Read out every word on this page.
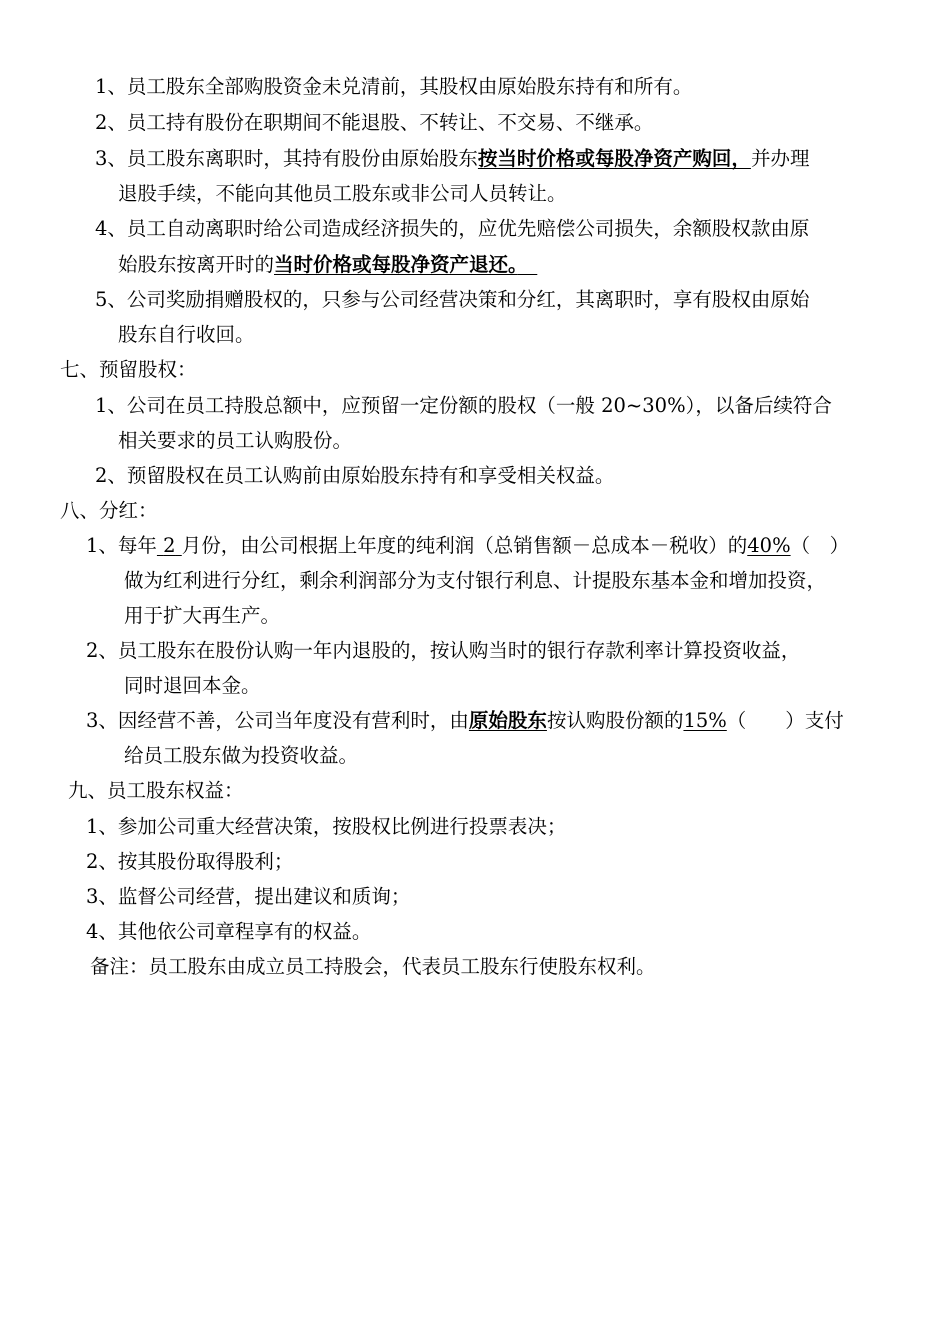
1、员工股东全部购股资金未兑清前，其股权由原始股东持有和所有。
2、员工持有股份在职期间不能退股、不转让、不交易、不继承。
3、员工股东离职时，其持有股份由原始股东按当时价格或每股净资产购回，并办理
退股手续，不能向其他员工股东或非公司人员转让。
4、员工自动离职时给公司造成经济损失的，应优先赔偿公司损失，余额股权款由原
始股东按离开时的当时价格或每股净资产退还。　
5、公司奖励捐赠股权的，只参与公司经营决策和分红，其离职时，享有股权由原始
股东自行收回。
七、预留股权：
1、公司在员工持股总额中，应预留一定份额的股权（一般 20~30%），以备后续符合
相关要求的员工认购股份。
2、预留股权在员工认购前由原始股东持有和享受相关权益。
八、分红：
1、每年 2 月份，由公司根据上年度的纯利润（总销售额－总成本－税收）的40%（　）
做为红利进行分红，剩余利润部分为支付银行利息、计提股东基本金和增加投资，
用于扩大再生产。
2、员工股东在股份认购一年内退股的，按认购当时的银行存款利率计算投资收益，
同时退回本金。
3、因经营不善，公司当年度没有营利时，由原始股东按认购股份额的15%（　　）支付
给员工股东做为投资收益。
九、员工股东权益：
1、参加公司重大经营决策，按股权比例进行投票表决；
2、按其股份取得股利；
3、监督公司经营，提出建议和质询；
4、其他依公司章程享有的权益。
备注：员工股东由成立员工持股会，代表员工股东行使股东权利。
